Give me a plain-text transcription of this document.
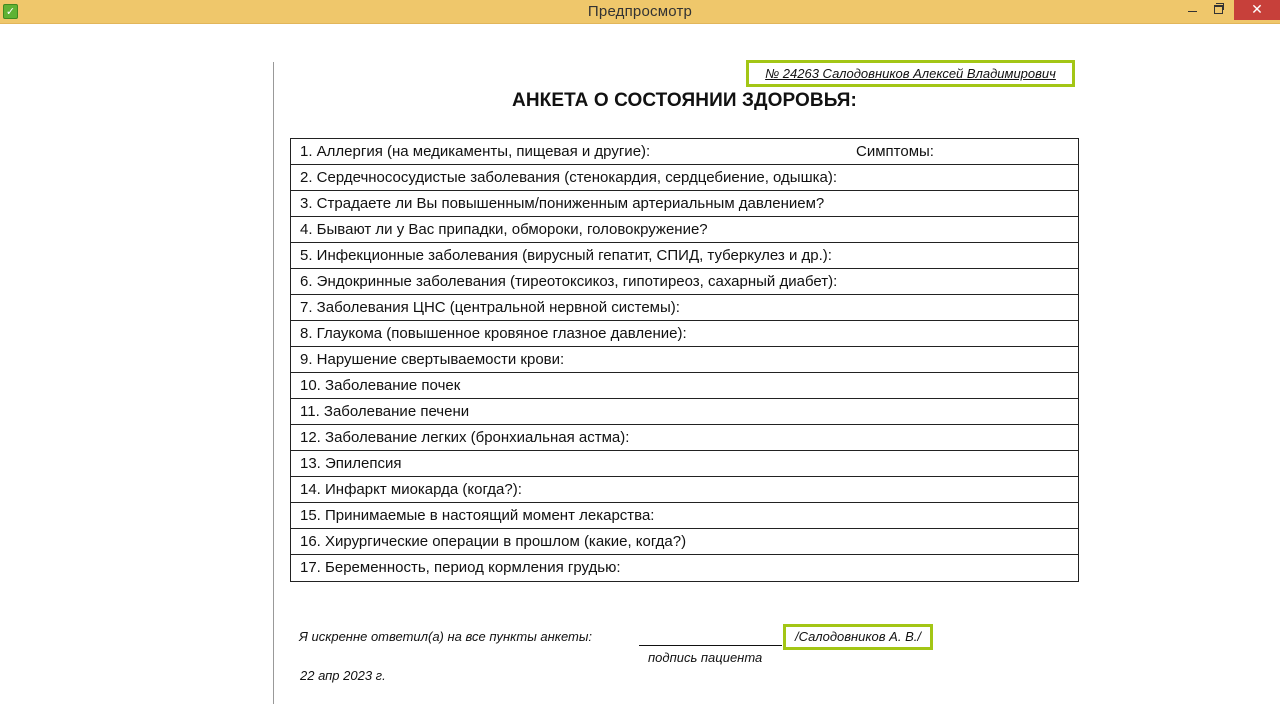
✓	Предпросмотр	✕
№ 24263 Салодовников Алексей Владимирович
АНКЕТА О СОСТОЯНИИ ЗДОРОВЬЯ:
1. Аллергия (на медикаменты, пищевая и другие):	Симптомы:
2. Сердечнососудистые заболевания (стенокардия, сердцебиение, одышка):
3. Страдаете ли Вы повышенным/пониженным артериальным давлением?
4. Бывают ли у Вас припадки, обмороки, головокружение?
5. Инфекционные заболевания (вирусный гепатит, СПИД, туберкулез и др.):
6. Эндокринные заболевания (тиреотоксикоз, гипотиреоз, сахарный диабет):
7. Заболевания ЦНС (центральной нервной системы):
8. Глаукома (повышенное кровяное глазное давление):
9. Нарушение свертываемости крови:
10. Заболевание почек
11. Заболевание печени
12. Заболевание легких (бронхиальная астма):
13. Эпилепсия
14. Инфаркт миокарда (когда?):
15. Принимаемые в настоящий момент лекарства:
16. Хирургические операции в прошлом (какие, когда?)
17. Беременность, период кормления грудью:
Я искренне ответил(а) на все пункты анкеты:	/Салодовников А. В./
подпись пациента
22 апр 2023 г.
